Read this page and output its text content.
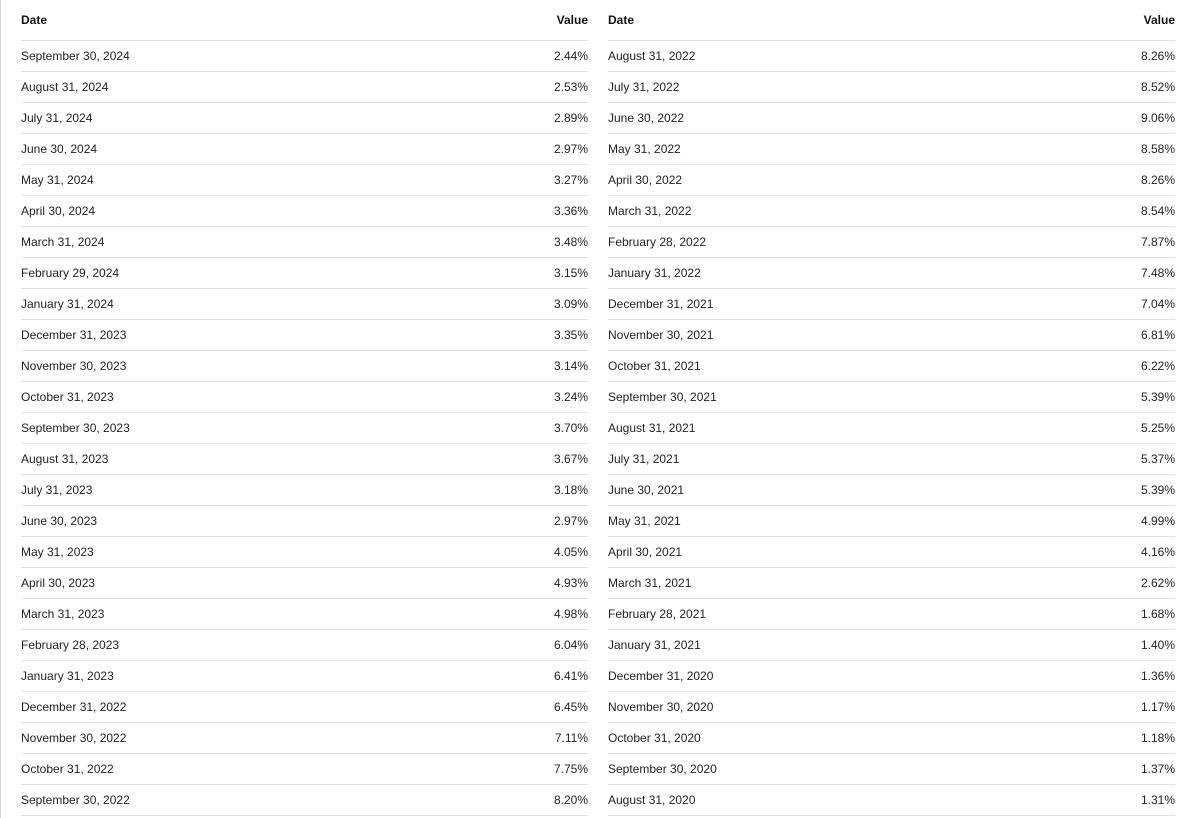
Date	Value
September 30, 2024	2.44%
August 31, 2024	2.53%
July 31, 2024	2.89%
June 30, 2024	2.97%
May 31, 2024	3.27%
April 30, 2024	3.36%
March 31, 2024	3.48%
February 29, 2024	3.15%
January 31, 2024	3.09%
December 31, 2023	3.35%
November 30, 2023	3.14%
October 31, 2023	3.24%
September 30, 2023	3.70%
August 31, 2023	3.67%
July 31, 2023	3.18%
June 30, 2023	2.97%
May 31, 2023	4.05%
April 30, 2023	4.93%
March 31, 2023	4.98%
February 28, 2023	6.04%
January 31, 2023	6.41%
December 31, 2022	6.45%
November 30, 2022	7.11%
October 31, 2022	7.75%
September 30, 2022	8.20%
Date	Value
August 31, 2022	8.26%
July 31, 2022	8.52%
June 30, 2022	9.06%
May 31, 2022	8.58%
April 30, 2022	8.26%
March 31, 2022	8.54%
February 28, 2022	7.87%
January 31, 2022	7.48%
December 31, 2021	7.04%
November 30, 2021	6.81%
October 31, 2021	6.22%
September 30, 2021	5.39%
August 31, 2021	5.25%
July 31, 2021	5.37%
June 30, 2021	5.39%
May 31, 2021	4.99%
April 30, 2021	4.16%
March 31, 2021	2.62%
February 28, 2021	1.68%
January 31, 2021	1.40%
December 31, 2020	1.36%
November 30, 2020	1.17%
October 31, 2020	1.18%
September 30, 2020	1.37%
August 31, 2020	1.31%
